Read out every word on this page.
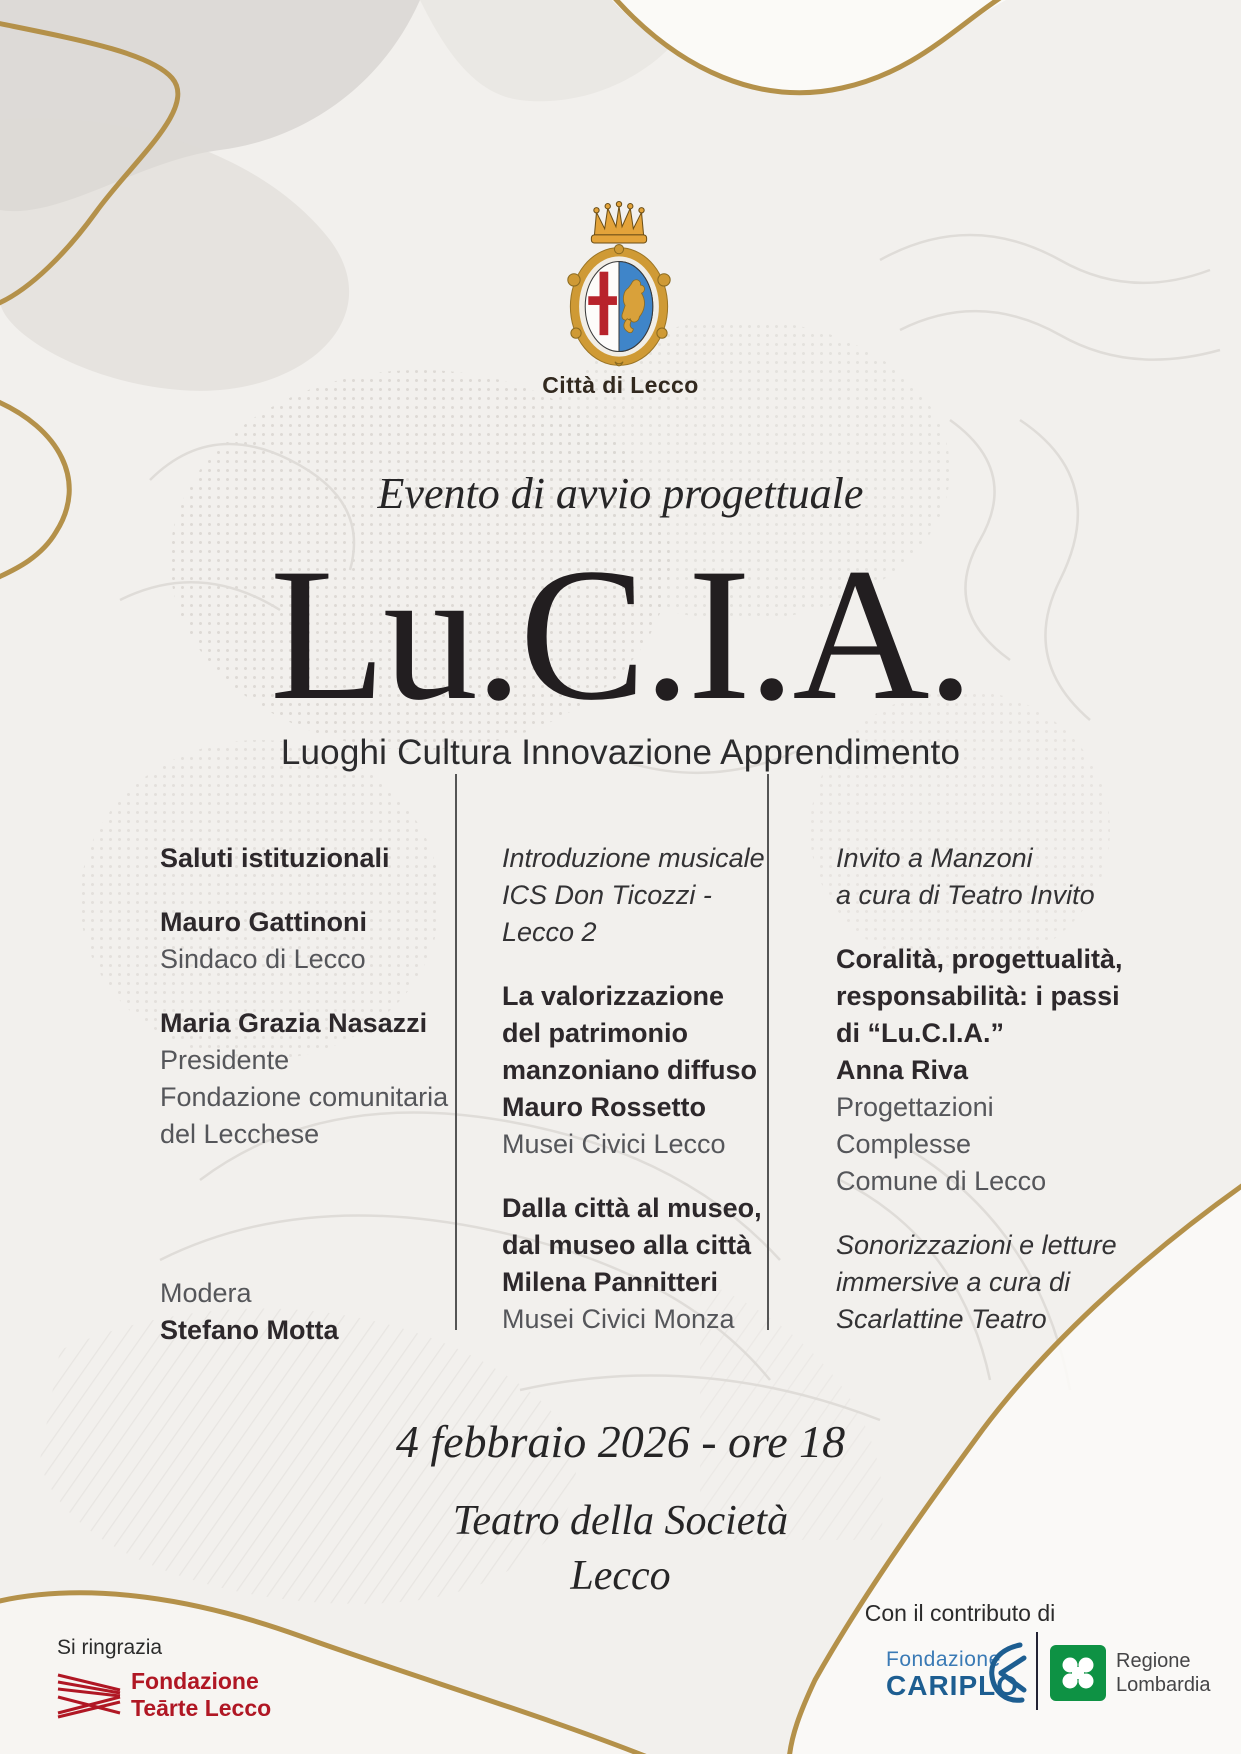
Città di Lecco
Evento di avvio progettuale
Lu.C.I.A.
Luoghi Cultura Innovazione Apprendimento
Saluti istituzionali
Mauro Gattinoni
Sindaco di Lecco
Maria Grazia Nasazzi
Presidente
Fondazione comunitaria
del Lecchese
Modera
Stefano Motta
Introduzione musicale
ICS Don Ticozzi - Lecco 2
La valorizzazione
del patrimonio
manzoniano diffuso
Mauro Rossetto
Musei Civici Lecco
Dalla città al museo,
dal museo alla città
Milena Pannitteri
Musei Civici Monza
Invito a Manzoni
a cura di Teatro Invito
Coralità, progettualità,
responsabilità: i passi
di “Lu.C.I.A.”
Anna Riva
Progettazioni Complesse
Comune di Lecco
Sonorizzazioni e letture
immersive a cura di
Scarlattine Teatro
4 febbraio 2026 - ore 18
Teatro della Società
Lecco
Si ringrazia
Fondazione
Teārte Lecco
Con il contributo di
Fondazione
CARIPLO
Regione
Lombardia
